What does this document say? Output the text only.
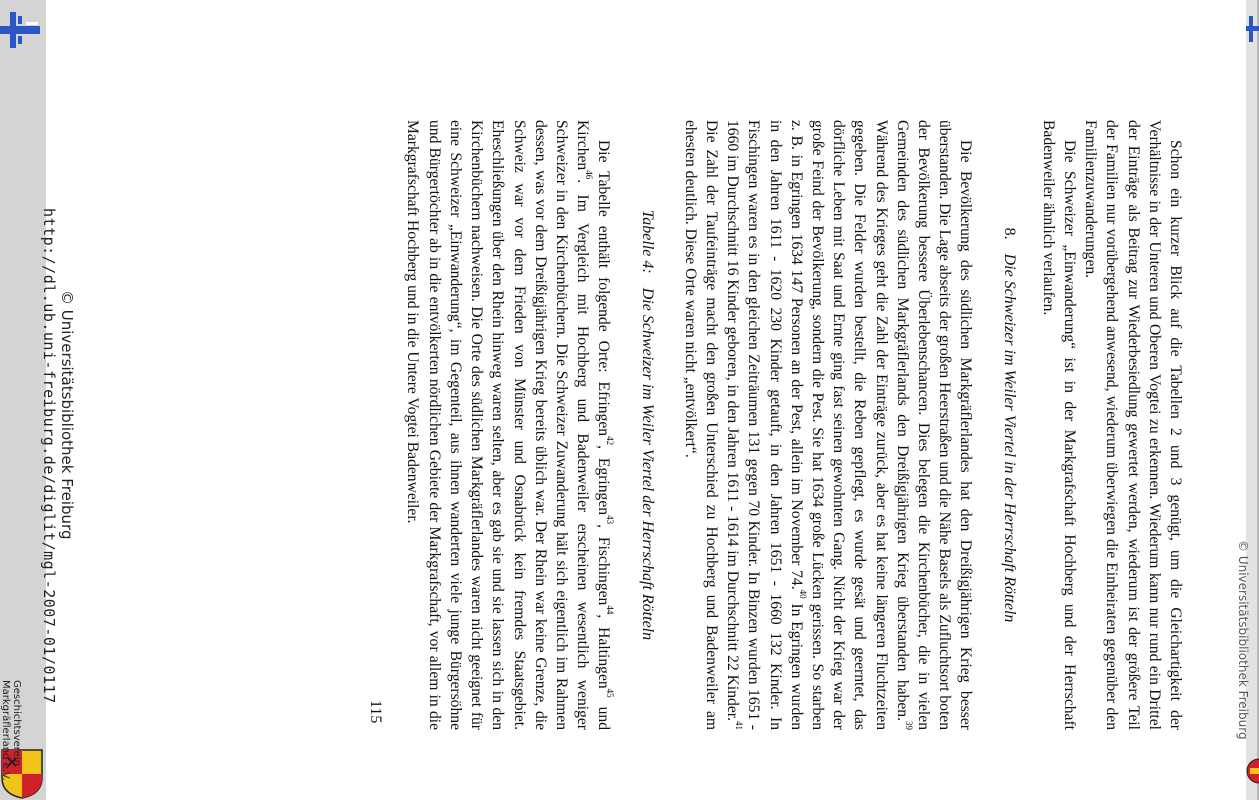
Geschichtsverein
Markgräflerland e.V.	© Universitätsbibliothek Freiburg

Schon ein kurzer Blick auf die Tabellen 2 und 3 genügt, um die Gleichartigkeit der Verhältnisse in der Unteren und Oberen Vogtei zu erkennen. Wiederum kann nur rund ein Drittel der Einträge als Beitrag zur Wiederbesiedlung gewertet werden, wiederum ist der größere Teil der Familien nur vorübergehend anwesend, wiederum überwiegen die Einheiraten gegenüber den Familienzuwanderungen.

Die Schweizer „Einwanderung“ ist in der Markgrafschaft Hochberg und der Herrschaft Badenweiler ähnlich verlaufen.

8. Die Schweizer im Weiler Viertel in der Herrschaft Rötteln

Die Bevölkerung des südlichen Markgräflerlandes hat den Dreißigjährigen Krieg besser überstanden. Die Lage abseits der großen Heerstraßen und die Nähe Basels als Zufluchtsort boten der Bevölkerung bessere Überlebenschancen. Dies belegen die Kirchenbücher, die in vielen Gemeinden des südlichen Markgräflerlands den Dreißigjährigen Krieg überstanden haben.$^{39}$ Während des Krieges geht die Zahl der Einträge zurück, aber es hat keine längeren Fluchtzeiten gegeben. Die Felder wurden bestellt, die Reben gepflegt, es wurde gesät und geerntet, das dörfliche Leben mit Saat und Ernte ging fast seinen gewohnten Gang. Nicht der Krieg war der große Feind der Bevölkerung, sondern die Pest. Sie hat 1634 große Lücken gerissen. So starben z. B. in Egringen 1634 147 Personen an der Pest, allein im November 74.40 In Egringen wurden in den Jahren 1611 - 1620 230 Kinder getauft, in den Jahren 1651 - 1660 132 Kinder. In Fischingen waren es in den gleichen Zeiträumen 131 gegen 70 Kinder. In Binzen wurden 1651 - 1660 im Durchschnitt 16 Kinder geboren, in den Jahren 1611 - 1614 im Durchschnitt 22 Kinder.$^{41}$ Die Zahl der Taufeinträge macht den großen Unterschied zu Hochberg und Badenweiler am ehesten deutlich. Diese Orte waren nicht „entvölkert“.

Tabelle 4: Die Schweizer im Weiler Viertel der Herrschaft Rötteln

Die Tabelle enthält folgende Orte: Efringen$^{42}$, Egringen$^{43}$, Fischingen$^{44}$, Haltingen$^{45}$ und Kirchen$^{46}$. Im Vergleich mit Hochberg und Badenweiler erscheinen wesentlich weniger Schweizer in den Kirchenbüchern. Die Schweizer Zuwanderung hält sich eigentlich im Rahmen dessen, was vor dem Dreißigjährigen Krieg bereits üblich war. Der Rhein war keine Grenze, die Schweiz war vor dem Frieden von Münster und Osnabrück kein fremdes Staatsgebiet. Eheschließungen über den Rhein hinweg waren selten, aber es gab sie und sie lassen sich in den Kirchenbüchern nachweisen. Die Orte des südlichen Markgräflerlandes waren nicht geeignet für eine Schweizer „Einwanderung“, im Gegenteil, aus ihnen wanderten viele junge Bürgersöhne und Bürgertöchter ab in die entvölkerten nördlichen Gebiete der Markgrafschaft, vor allem in die Markgrafschaft Hochberg und in die Untere Vogtei Badenweiler.

115
© Universitätsbibliothek Freiburg
http://dl.ub.uni-freiburg.de/diglit/mgl-2007-01/0117
